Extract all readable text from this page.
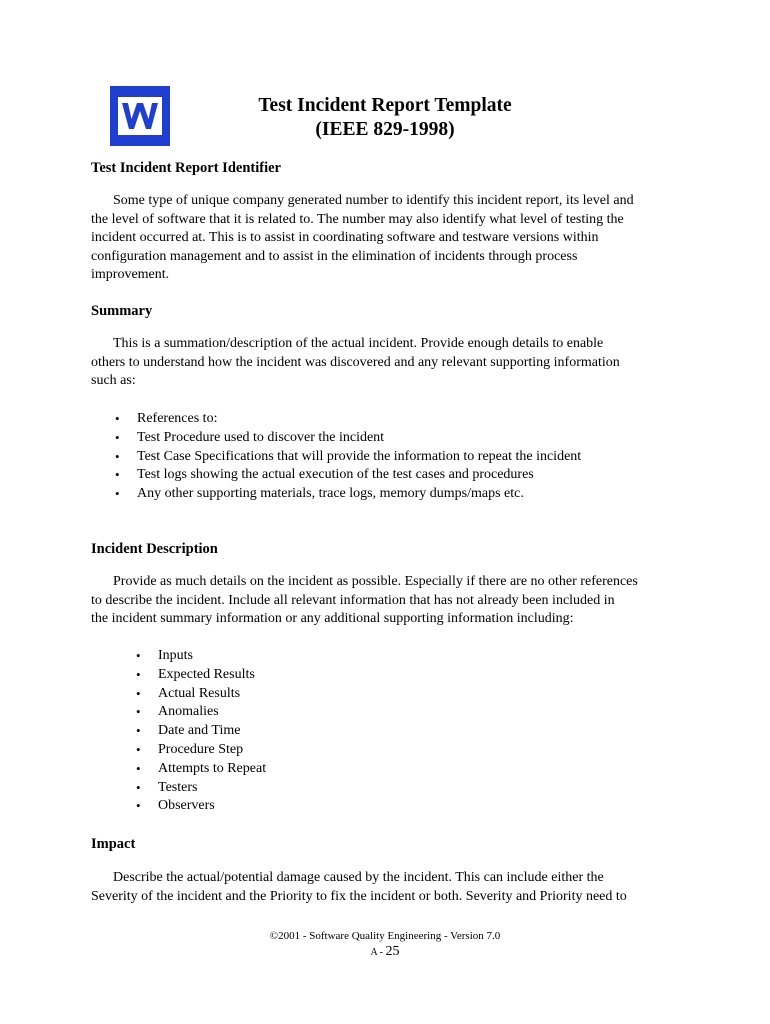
Test Incident Report Template

(IEEE 829-1998)

Test Incident Report Identifier

Some type of unique company generated number to identify this incident report, its level and
the level of software that it is related to. The number may also identify what level of testing the
incident occurred at. This is to assist in coordinating software and testware versions within
configuration management and to assist in the elimination of incidents through process
improvement.

Summary

This is a summation/description of the actual incident. Provide enough details to enable
others to understand how the incident was discovered and any relevant supporting information
such as:
• References to:
• Test Procedure used to discover the incident
• Test Case Specifications that will provide the information to repeat the incident
• Test logs showing the actual execution of the test cases and procedures
• Any other supporting materials, trace logs, memory dumps/maps etc.

Incident Description

Provide as much details on the incident as possible. Especially if there are no other references
to describe the incident. Include all relevant information that has not already been included in
the incident summary information or any additional supporting information including:
• Inputs
• Expected Results
• Actual Results
• Anomalies
• Date and Time
• Procedure Step
• Attempts to Repeat
• Testers
• Observers

Impact

Describe the actual/potential damage caused by the incident. This can include either the
Severity of the incident and the Priority to fix the incident or both. Severity and Priority need to

©2001 - Software Quality Engineering - Version 7.0

A - 25
